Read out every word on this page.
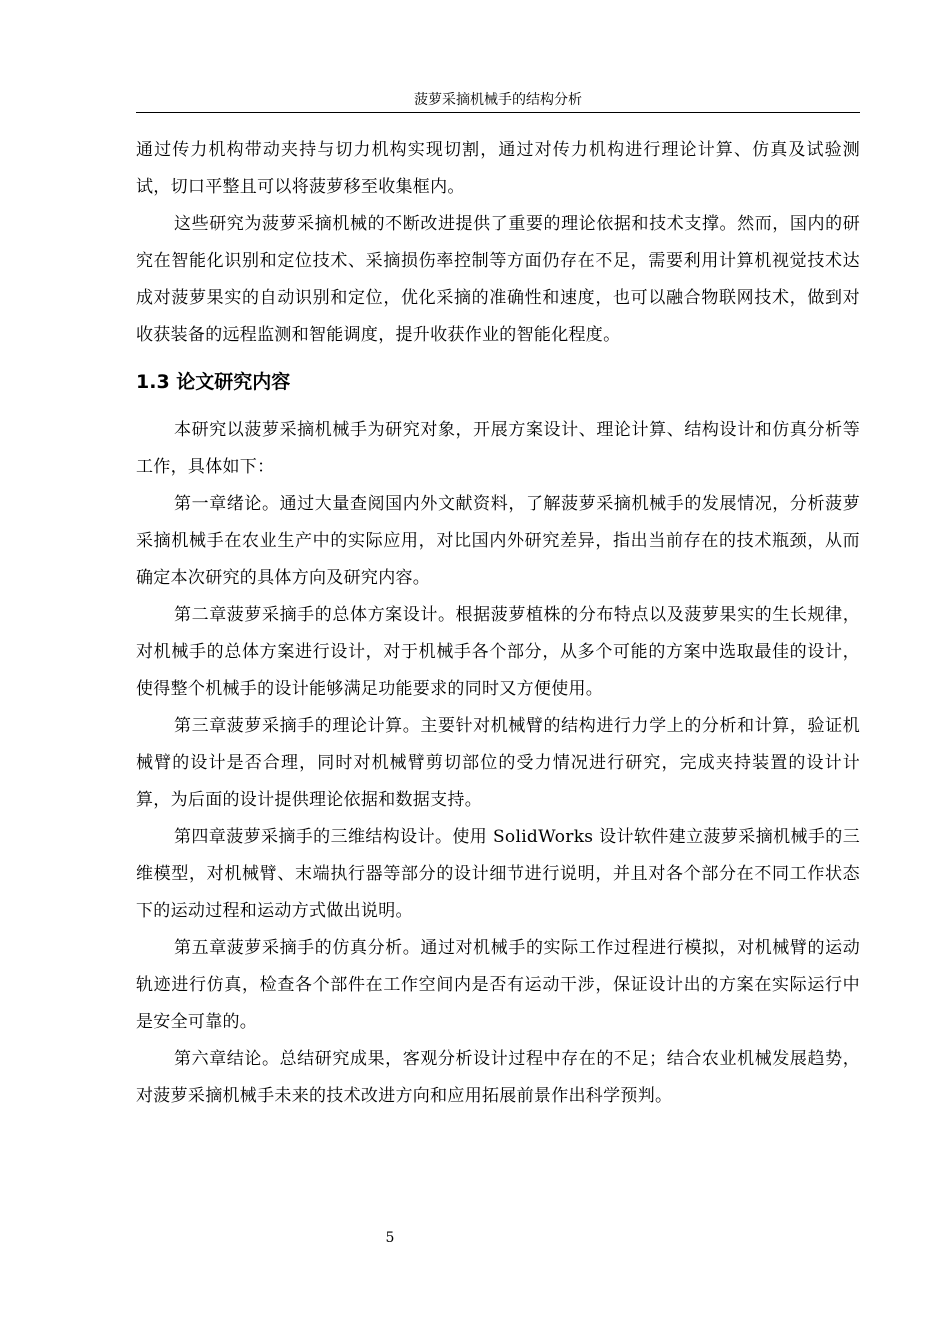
菠萝采摘机械手的结构分析

通过传力机构带动夹持与切力机构实现切割，通过对传力机构进行理论计算、仿真及试验测试，切口平整且可以将菠萝移至收集框内。

这些研究为菠萝采摘机械的不断改进提供了重要的理论依据和技术支撑。然而，国内的研究在智能化识别和定位技术、采摘损伤率控制等方面仍存在不足，需要利用计算机视觉技术达成对菠萝果实的自动识别和定位，优化采摘的准确性和速度，也可以融合物联网技术，做到对收获装备的远程监测和智能调度，提升收获作业的智能化程度。

1.3 论文研究内容

本研究以菠萝采摘机械手为研究对象，开展方案设计、理论计算、结构设计和仿真分析等工作，具体如下：

第一章绪论。通过大量查阅国内外文献资料，了解菠萝采摘机械手的发展情况，分析菠萝采摘机械手在农业生产中的实际应用，对比国内外研究差异，指出当前存在的技术瓶颈，从而确定本次研究的具体方向及研究内容。

第二章菠萝采摘手的总体方案设计。根据菠萝植株的分布特点以及菠萝果实的生长规律，对机械手的总体方案进行设计，对于机械手各个部分，从多个可能的方案中选取最佳的设计，使得整个机械手的设计能够满足功能要求的同时又方便使用。

第三章菠萝采摘手的理论计算。主要针对机械臂的结构进行力学上的分析和计算，验证机械臂的设计是否合理，同时对机械臂剪切部位的受力情况进行研究，完成夹持装置的设计计算，为后面的设计提供理论依据和数据支持。

第四章菠萝采摘手的三维结构设计。使用 SolidWorks 设计软件建立菠萝采摘机械手的三维模型，对机械臂、末端执行器等部分的设计细节进行说明，并且对各个部分在不同工作状态下的运动过程和运动方式做出说明。

第五章菠萝采摘手的仿真分析。通过对机械手的实际工作过程进行模拟，对机械臂的运动轨迹进行仿真，检查各个部件在工作空间内是否有运动干涉，保证设计出的方案在实际运行中是安全可靠的。

第六章结论。总结研究成果，客观分析设计过程中存在的不足；结合农业机械发展趋势，对菠萝采摘机械手未来的技术改进方向和应用拓展前景作出科学预判。

5
